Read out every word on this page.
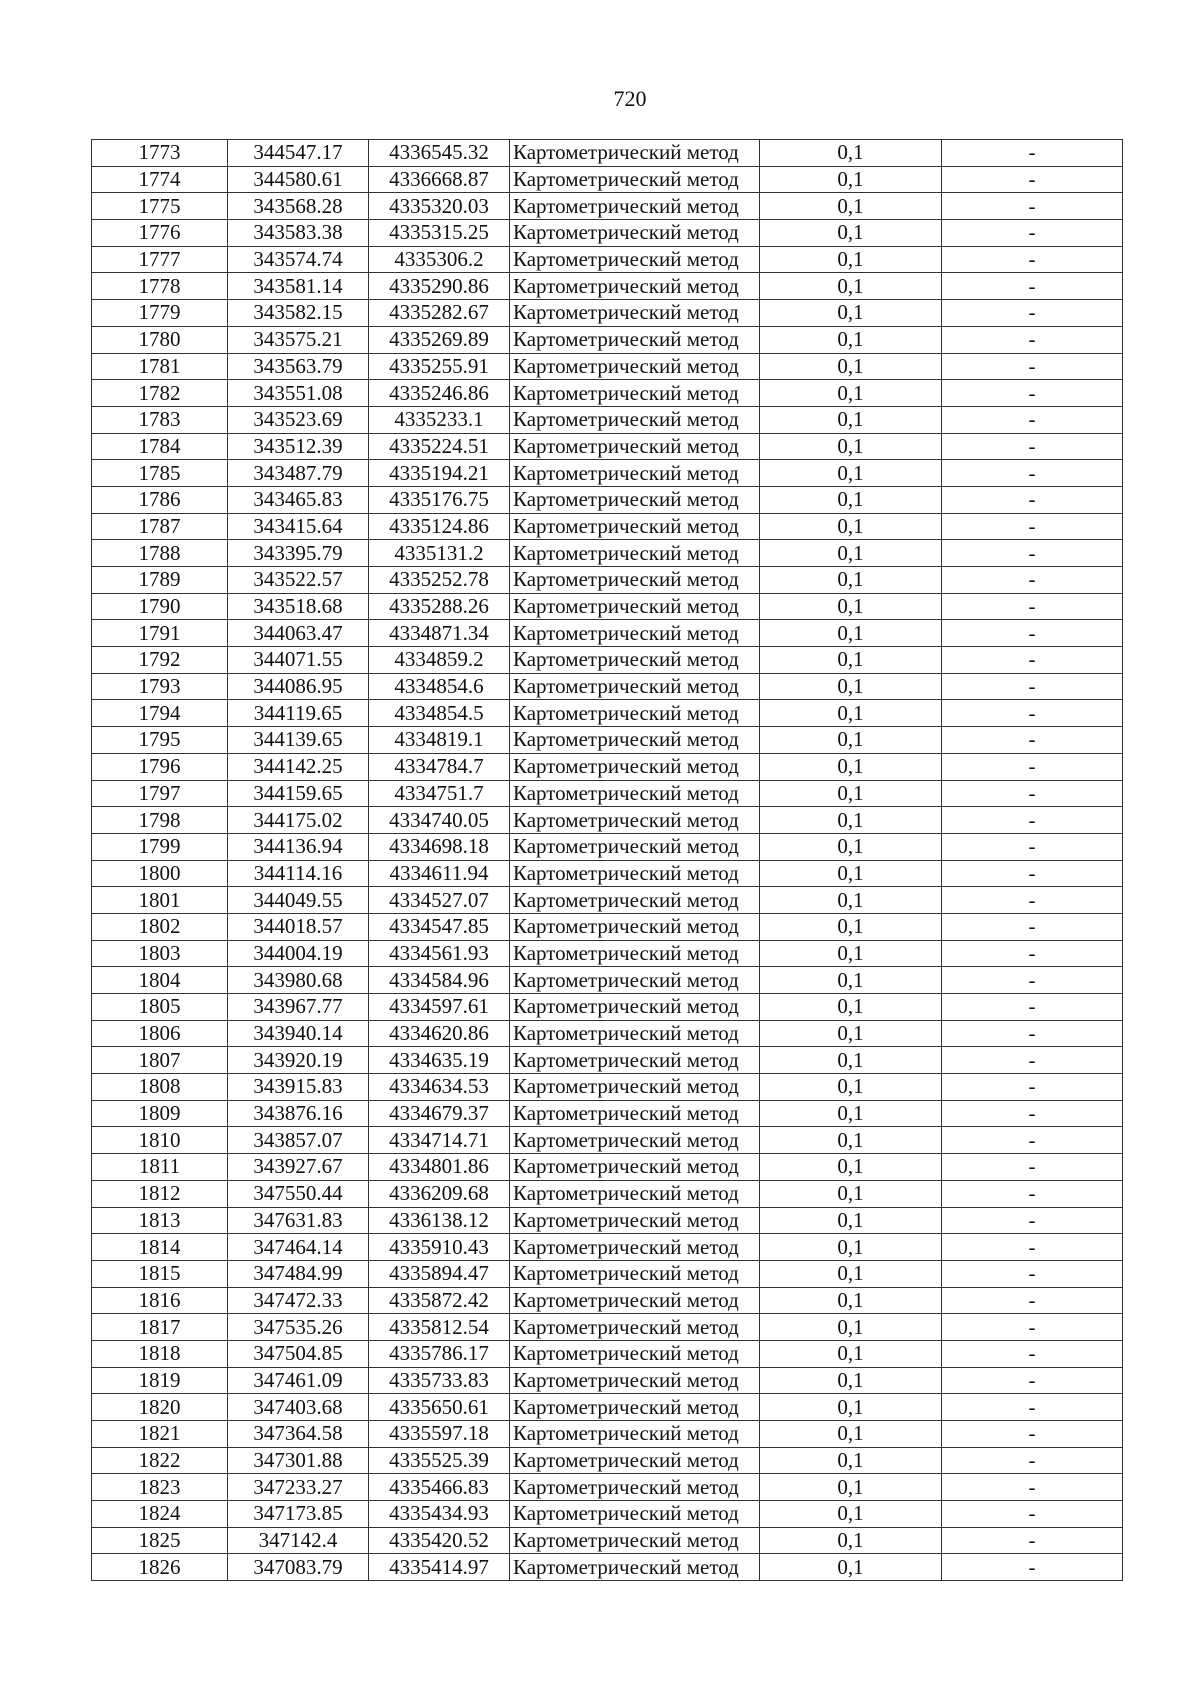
720
1773	344547.17	4336545.32	Картометрический метод	0,1	-
1774	344580.61	4336668.87	Картометрический метод	0,1	-
1775	343568.28	4335320.03	Картометрический метод	0,1	-
1776	343583.38	4335315.25	Картометрический метод	0,1	-
1777	343574.74	4335306.2	Картометрический метод	0,1	-
1778	343581.14	4335290.86	Картометрический метод	0,1	-
1779	343582.15	4335282.67	Картометрический метод	0,1	-
1780	343575.21	4335269.89	Картометрический метод	0,1	-
1781	343563.79	4335255.91	Картометрический метод	0,1	-
1782	343551.08	4335246.86	Картометрический метод	0,1	-
1783	343523.69	4335233.1	Картометрический метод	0,1	-
1784	343512.39	4335224.51	Картометрический метод	0,1	-
1785	343487.79	4335194.21	Картометрический метод	0,1	-
1786	343465.83	4335176.75	Картометрический метод	0,1	-
1787	343415.64	4335124.86	Картометрический метод	0,1	-
1788	343395.79	4335131.2	Картометрический метод	0,1	-
1789	343522.57	4335252.78	Картометрический метод	0,1	-
1790	343518.68	4335288.26	Картометрический метод	0,1	-
1791	344063.47	4334871.34	Картометрический метод	0,1	-
1792	344071.55	4334859.2	Картометрический метод	0,1	-
1793	344086.95	4334854.6	Картометрический метод	0,1	-
1794	344119.65	4334854.5	Картометрический метод	0,1	-
1795	344139.65	4334819.1	Картометрический метод	0,1	-
1796	344142.25	4334784.7	Картометрический метод	0,1	-
1797	344159.65	4334751.7	Картометрический метод	0,1	-
1798	344175.02	4334740.05	Картометрический метод	0,1	-
1799	344136.94	4334698.18	Картометрический метод	0,1	-
1800	344114.16	4334611.94	Картометрический метод	0,1	-
1801	344049.55	4334527.07	Картометрический метод	0,1	-
1802	344018.57	4334547.85	Картометрический метод	0,1	-
1803	344004.19	4334561.93	Картометрический метод	0,1	-
1804	343980.68	4334584.96	Картометрический метод	0,1	-
1805	343967.77	4334597.61	Картометрический метод	0,1	-
1806	343940.14	4334620.86	Картометрический метод	0,1	-
1807	343920.19	4334635.19	Картометрический метод	0,1	-
1808	343915.83	4334634.53	Картометрический метод	0,1	-
1809	343876.16	4334679.37	Картометрический метод	0,1	-
1810	343857.07	4334714.71	Картометрический метод	0,1	-
1811	343927.67	4334801.86	Картометрический метод	0,1	-
1812	347550.44	4336209.68	Картометрический метод	0,1	-
1813	347631.83	4336138.12	Картометрический метод	0,1	-
1814	347464.14	4335910.43	Картометрический метод	0,1	-
1815	347484.99	4335894.47	Картометрический метод	0,1	-
1816	347472.33	4335872.42	Картометрический метод	0,1	-
1817	347535.26	4335812.54	Картометрический метод	0,1	-
1818	347504.85	4335786.17	Картометрический метод	0,1	-
1819	347461.09	4335733.83	Картометрический метод	0,1	-
1820	347403.68	4335650.61	Картометрический метод	0,1	-
1821	347364.58	4335597.18	Картометрический метод	0,1	-
1822	347301.88	4335525.39	Картометрический метод	0,1	-
1823	347233.27	4335466.83	Картометрический метод	0,1	-
1824	347173.85	4335434.93	Картометрический метод	0,1	-
1825	347142.4	4335420.52	Картометрический метод	0,1	-
1826	347083.79	4335414.97	Картометрический метод	0,1	-
